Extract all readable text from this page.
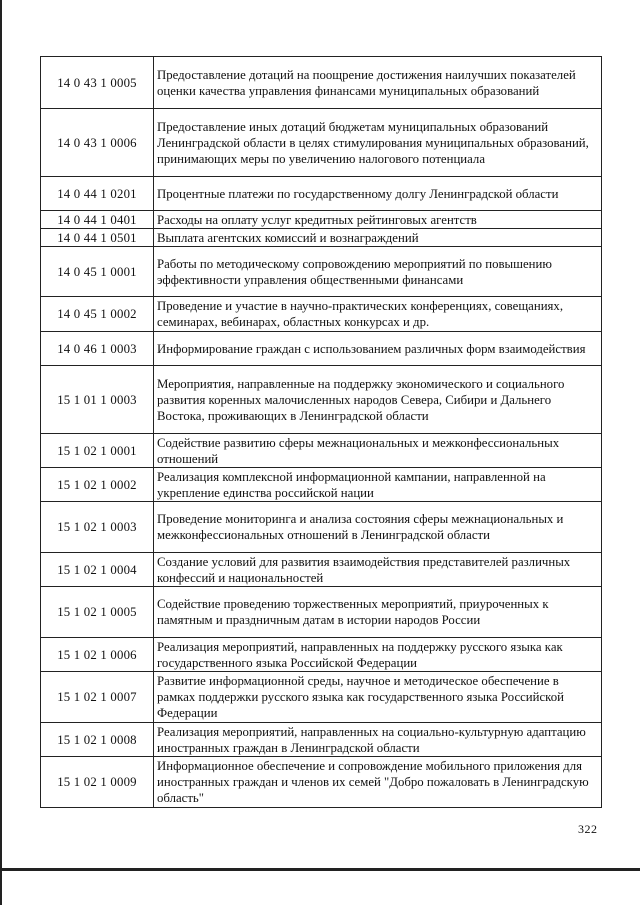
14 0 43 1 0005	Предоставление дотаций на поощрение достижения наилучших показателей оценки качества управления финансами муниципальных образований
14 0 43 1 0006	Предоставление иных дотаций бюджетам муниципальных образований Ленинградской области в целях стимулирования муниципальных образований, принимающих меры по увеличению налогового потенциала
14 0 44 1 0201	Процентные платежи по государственному долгу Ленинградской области
14 0 44 1 0401	Расходы на оплату услуг кредитных рейтинговых агентств
14 0 44 1 0501	Выплата агентских комиссий и вознаграждений
14 0 45 1 0001	Работы по методическому сопровождению мероприятий по повышению эффективности управления общественными финансами
14 0 45 1 0002	Проведение и участие в научно-практических конференциях, совещаниях, семинарах, вебинарах, областных конкурсах и др.
14 0 46 1 0003	Информирование граждан с использованием различных форм взаимодействия
15 1 01 1 0003	Мероприятия, направленные на поддержку экономического и социального развития коренных малочисленных народов Севера, Сибири и Дальнего Востока, проживающих в Ленинградской области
15 1 02 1 0001	Содействие развитию сферы межнациональных и межконфессиональных отношений
15 1 02 1 0002	Реализация комплексной информационной кампании, направленной на укрепление единства российской нации
15 1 02 1 0003	Проведение мониторинга и анализа состояния сферы межнациональных и межконфессиональных отношений в Ленинградской области
15 1 02 1 0004	Создание условий для развития взаимодействия представителей различных конфессий и национальностей
15 1 02 1 0005	Содействие проведению торжественных мероприятий, приуроченных к памятным и праздничным датам в истории народов России
15 1 02 1 0006	Реализация мероприятий, направленных на поддержку русского языка как государственного языка Российской Федерации
15 1 02 1 0007	Развитие информационной среды, научное и методическое обеспечение в рамках поддержки русского языка как государственного языка Российской Федерации
15 1 02 1 0008	Реализация мероприятий, направленных на социально-культурную адаптацию иностранных граждан в Ленинградской области
15 1 02 1 0009	Информационное обеспечение и сопровождение мобильного приложения для иностранных граждан и членов их семей "Добро пожаловать в Ленинградскую область"
322
